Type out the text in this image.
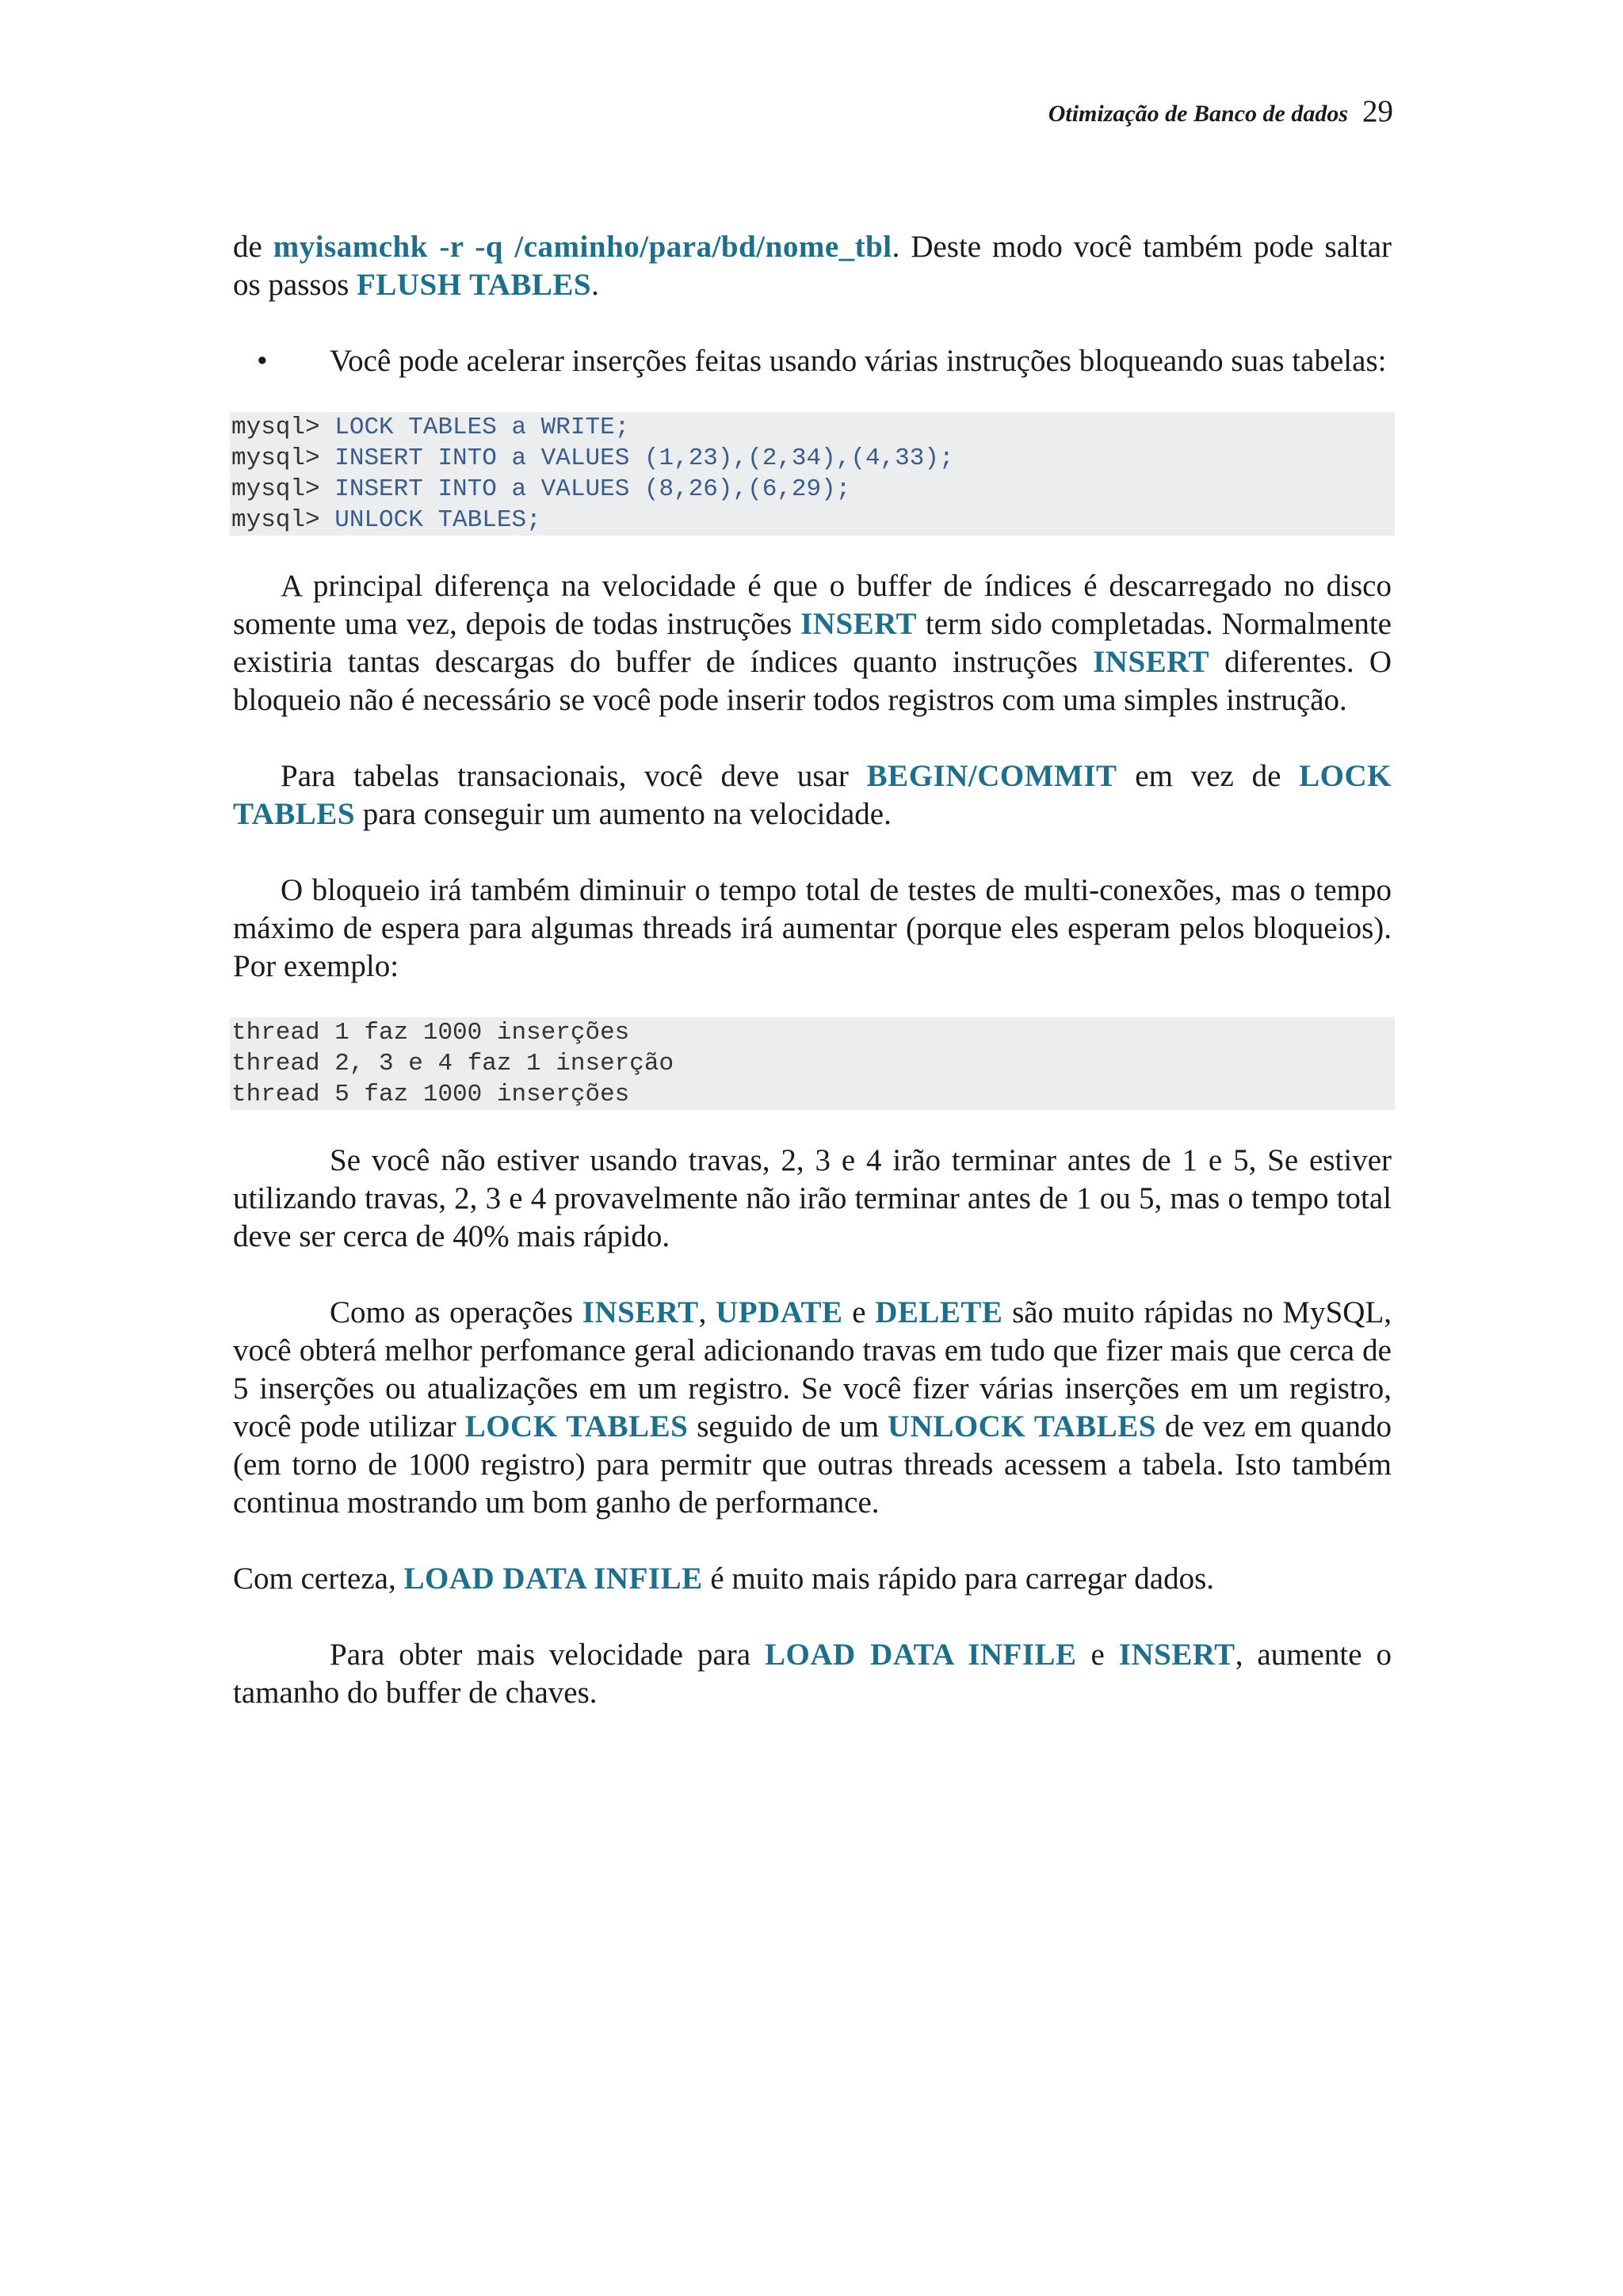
Otimização de Banco de dados 29

de myisamchk -r -q /caminho/para/bd/nome_tbl. Deste modo você também pode saltar os passos FLUSH TABLES.

• Você pode acelerar inserções feitas usando várias instruções bloqueando suas tabelas:

mysql> LOCK TABLES a WRITE;
mysql> INSERT INTO a VALUES (1,23),(2,34),(4,33);
mysql> INSERT INTO a VALUES (8,26),(6,29);
mysql> UNLOCK TABLES;

A principal diferença na velocidade é que o buffer de índices é descarregado no disco somente uma vez, depois de todas instruções INSERT term sido completadas. Normalmente existiria tantas descargas do buffer de índices quanto instruções INSERT diferentes. O bloqueio não é necessário se você pode inserir todos registros com uma simples instrução.

Para tabelas transacionais, você deve usar BEGIN/COMMIT em vez de LOCK TABLES para conseguir um aumento na velocidade.

O bloqueio irá também diminuir o tempo total de testes de multi-conexões, mas o tempo máximo de espera para algumas threads irá aumentar (porque eles esperam pelos bloqueios). Por exemplo:

thread 1 faz 1000 inserções
thread 2, 3 e 4 faz 1 inserção
thread 5 faz 1000 inserções

Se você não estiver usando travas, 2, 3 e 4 irão terminar antes de 1 e 5, Se estiver utilizando travas, 2, 3 e 4 provavelmente não irão terminar antes de 1 ou 5, mas o tempo total deve ser cerca de 40% mais rápido.

Como as operações INSERT, UPDATE e DELETE são muito rápidas no MySQL, você obterá melhor perfomance geral adicionando travas em tudo que fizer mais que cerca de 5 inserções ou atualizações em um registro. Se você fizer várias inserções em um registro, você pode utilizar LOCK TABLES seguido de um UNLOCK TABLES de vez em quando (em torno de 1000 registro) para permitr que outras threads acessem a tabela. Isto também continua mostrando um bom ganho de performance.

Com certeza, LOAD DATA INFILE é muito mais rápido para carregar dados.

Para obter mais velocidade para LOAD DATA INFILE e INSERT, aumente o tamanho do buffer de chaves.
